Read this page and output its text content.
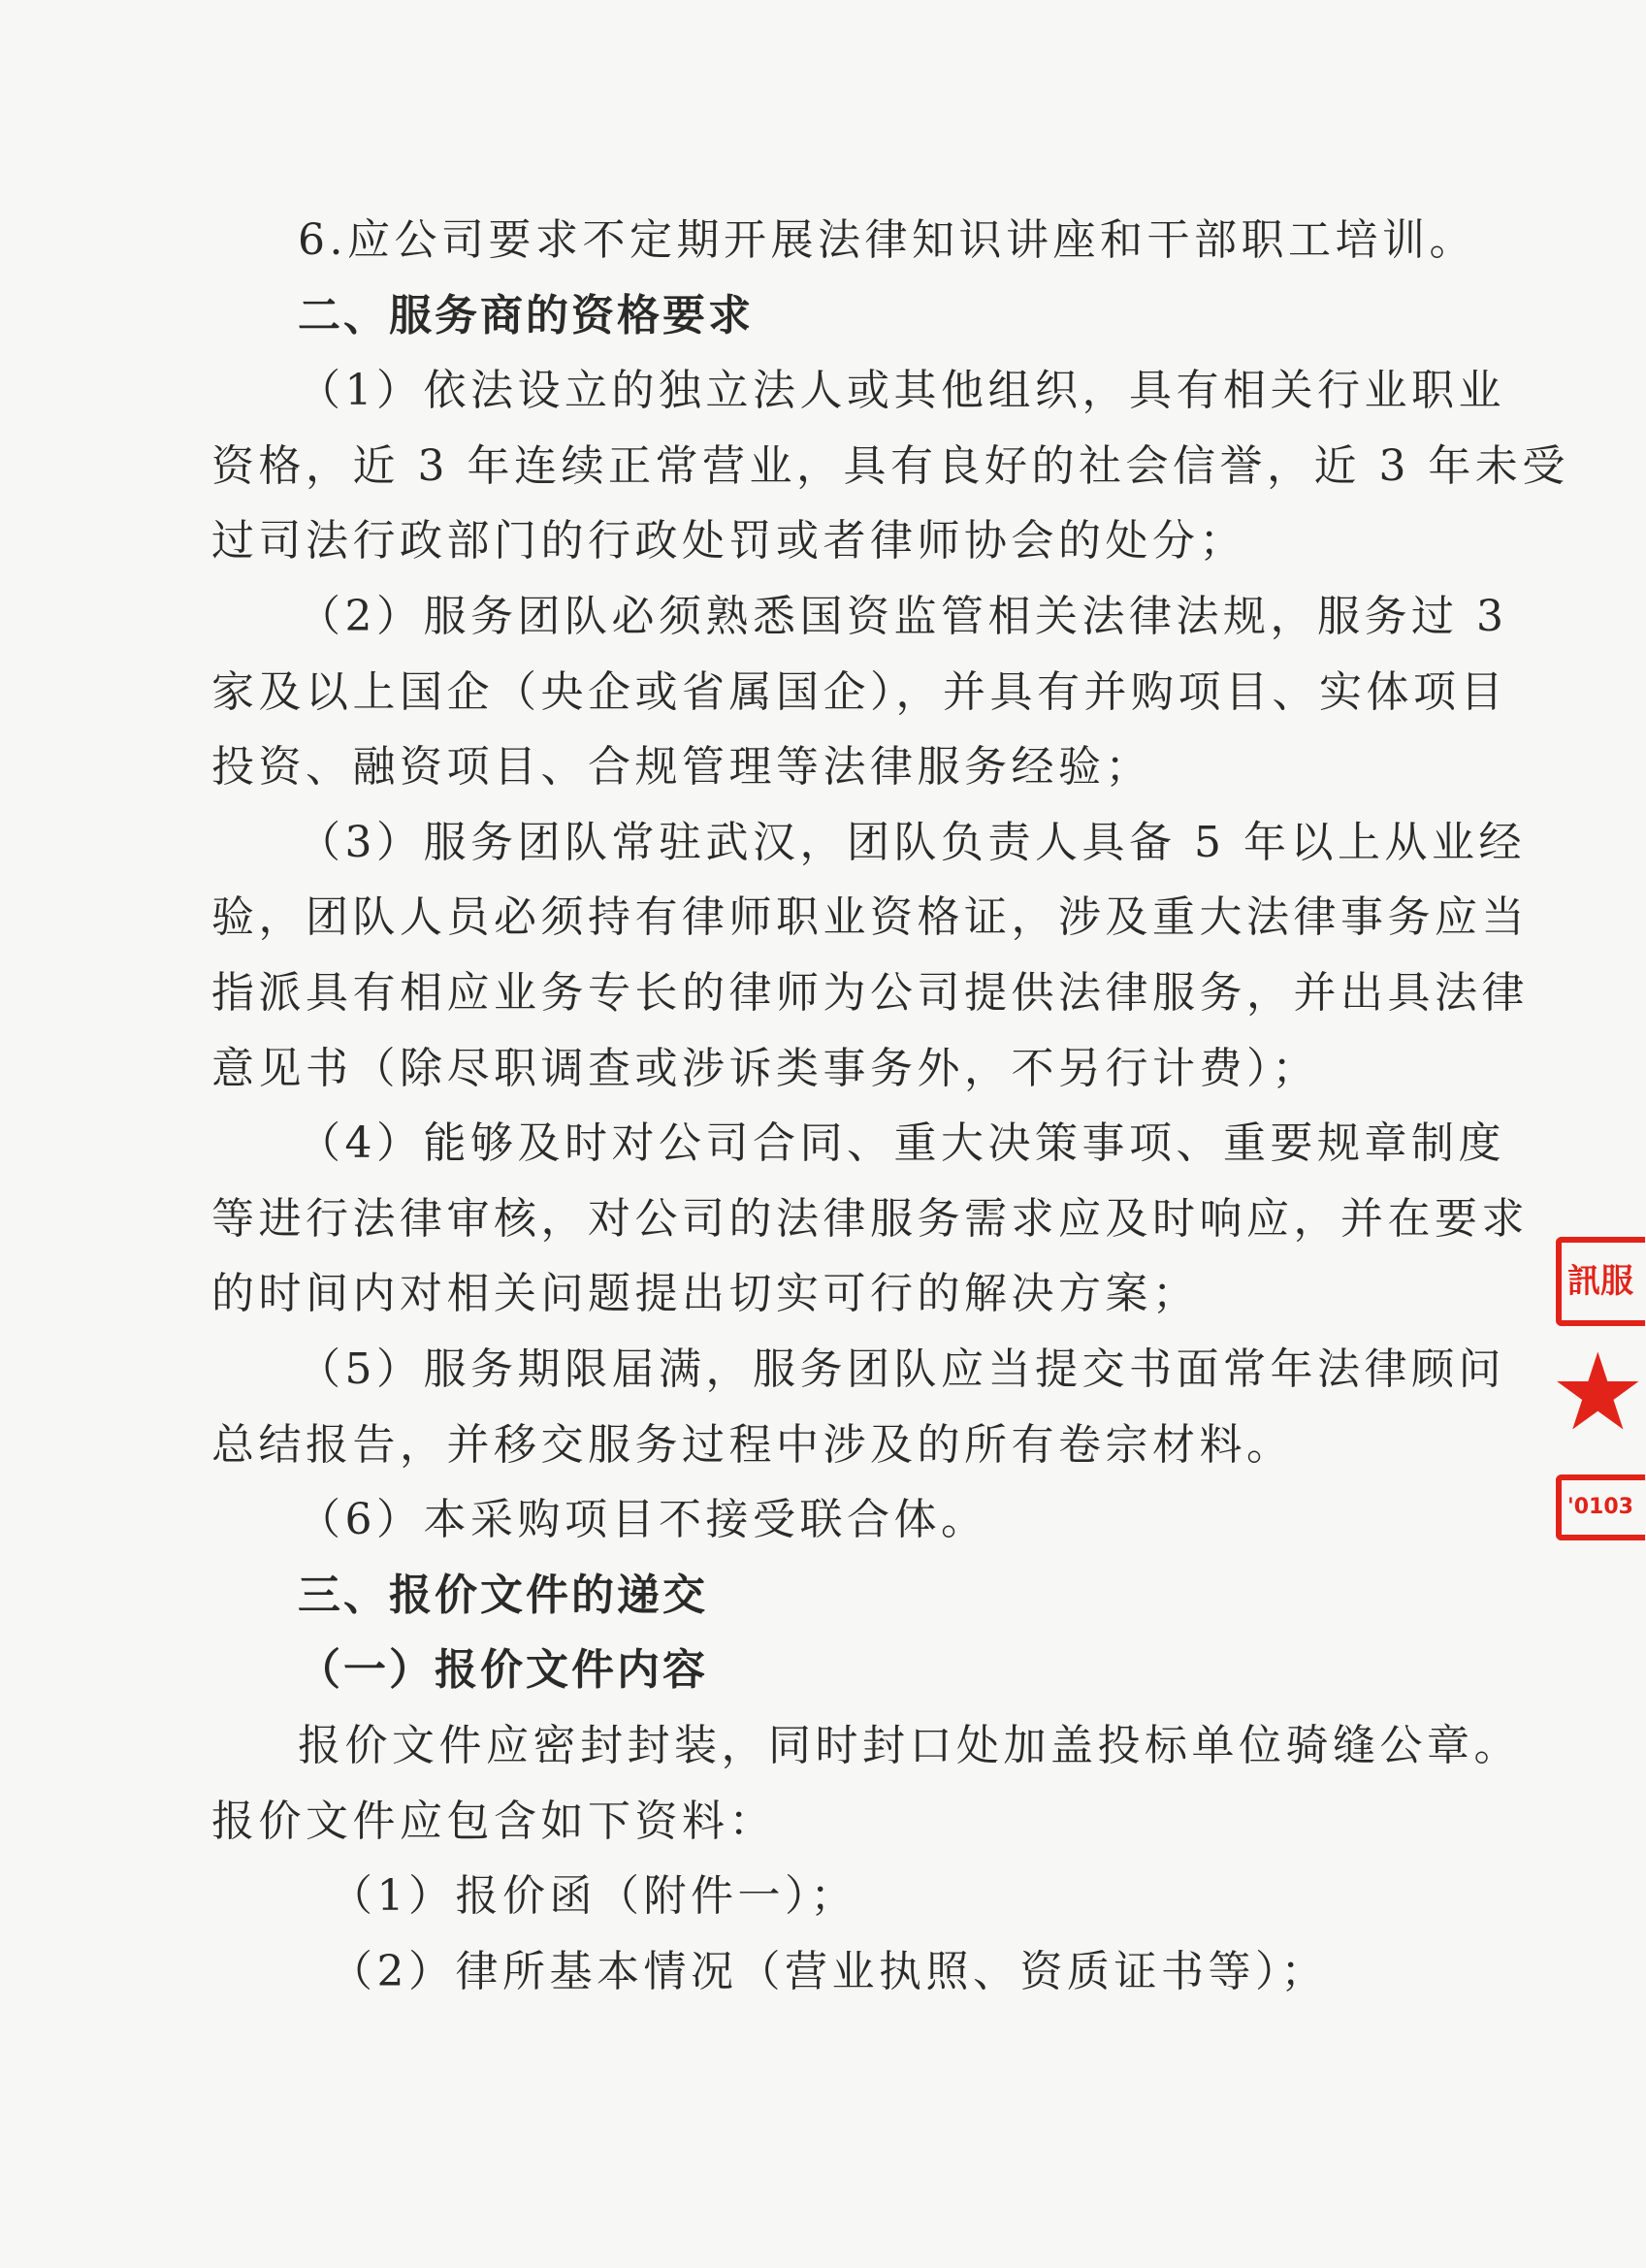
6.应公司要求不定期开展法律知识讲座和干部职工培训。
二、服务商的资格要求
（1）依法设立的独立法人或其他组织，具有相关行业职业
资格，近 3 年连续正常营业，具有良好的社会信誉，近 3 年未受
过司法行政部门的行政处罚或者律师协会的处分；
（2）服务团队必须熟悉国资监管相关法律法规，服务过 3
家及以上国企（央企或省属国企），并具有并购项目、实体项目
投资、融资项目、合规管理等法律服务经验；
（3）服务团队常驻武汉，团队负责人具备 5 年以上从业经
验，团队人员必须持有律师职业资格证，涉及重大法律事务应当
指派具有相应业务专长的律师为公司提供法律服务，并出具法律
意见书（除尽职调查或涉诉类事务外，不另行计费）；
（4）能够及时对公司合同、重大决策事项、重要规章制度
等进行法律审核，对公司的法律服务需求应及时响应，并在要求
的时间内对相关问题提出切实可行的解决方案；
（5）服务期限届满，服务团队应当提交书面常年法律顾问
总结报告，并移交服务过程中涉及的所有卷宗材料。
（6）本采购项目不接受联合体。
三、报价文件的递交
（一）报价文件内容
报价文件应密封封装，同时封口处加盖投标单位骑缝公章。
报价文件应包含如下资料：
（1）报价函（附件一）；
（2）律所基本情况（营业执照、资质证书等）；
訊服
★
'0103
